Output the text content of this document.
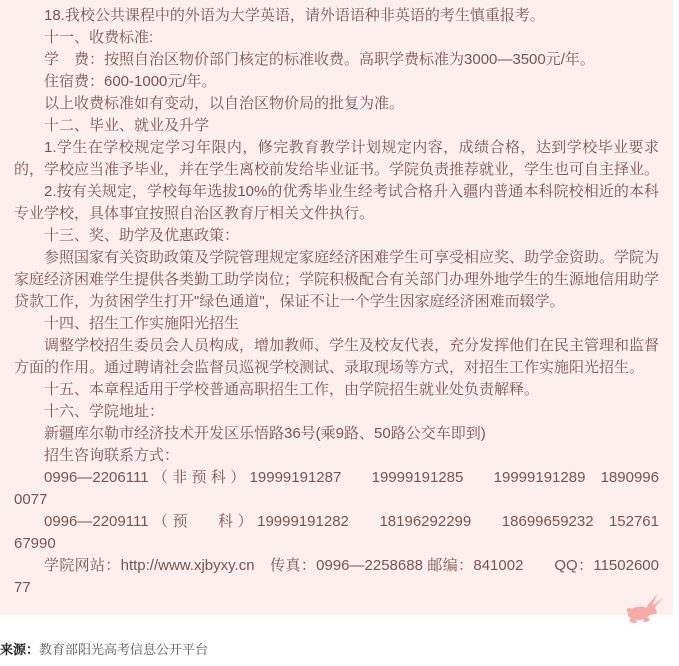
18.我校公共课程中的外语为大学英语，请外语语种非英语的考生慎重报考。

十一、收费标准:

学　费：按照自治区物价部门核定的标准收费。高职学费标准为3000—3500元/年。

住宿费：600-1000元/年。

以上收费标准如有变动，以自治区物价局的批复为准。

十二、毕业、就业及升学

1.学生在学校规定学习年限内，修完教育教学计划规定内容，成绩合格，达到学校毕业要求的，学校应当准予毕业，并在学生离校前发给毕业证书。学院负责推荐就业，学生也可自主择业。

2.按有关规定，学校每年选拔10%的优秀毕业生经考试合格升入疆内普通本科院校相近的本科专业学校，具体事宜按照自治区教育厅相关文件执行。

十三、奖、助学及优惠政策：

参照国家有关资助政策及学院管理规定家庭经济困难学生可享受相应奖、助学金资助。学院为家庭经济困难学生提供各类勤工助学岗位；学院积极配合有关部门办理外地学生的生源地信用助学贷款工作，为贫困学生打开"绿色通道"，保证不让一个学生因家庭经济困难而辍学。

十四、招生工作实施阳光招生

调整学校招生委员会人员构成，增加教师、学生及校友代表，充分发挥他们在民主管理和监督方面的作用。通过聘请社会监督员巡视学校测试、录取现场等方式，对招生工作实施阳光招生。

十五、本章程适用于学校普通高职招生工作，由学院招生就业处负责解释。

十六、学院地址：

新疆库尔勒市经济技术开发区乐悟路36号(乘9路、50路公交车即到)

招生咨询联系方式：

0996—2206111 （ 非 预 科 ） 19999191287　　19999191285　　19999191289　18909960077

0996—2209111 （ 预　　科 ） 19999191282　　18196292299　　18699659232　15276167990

学院网站：http://www.xjbyxy.cn　传真：0996—2258688 邮编：841002　　QQ：1150260077

来源：教育部阳光高考信息公开平台
